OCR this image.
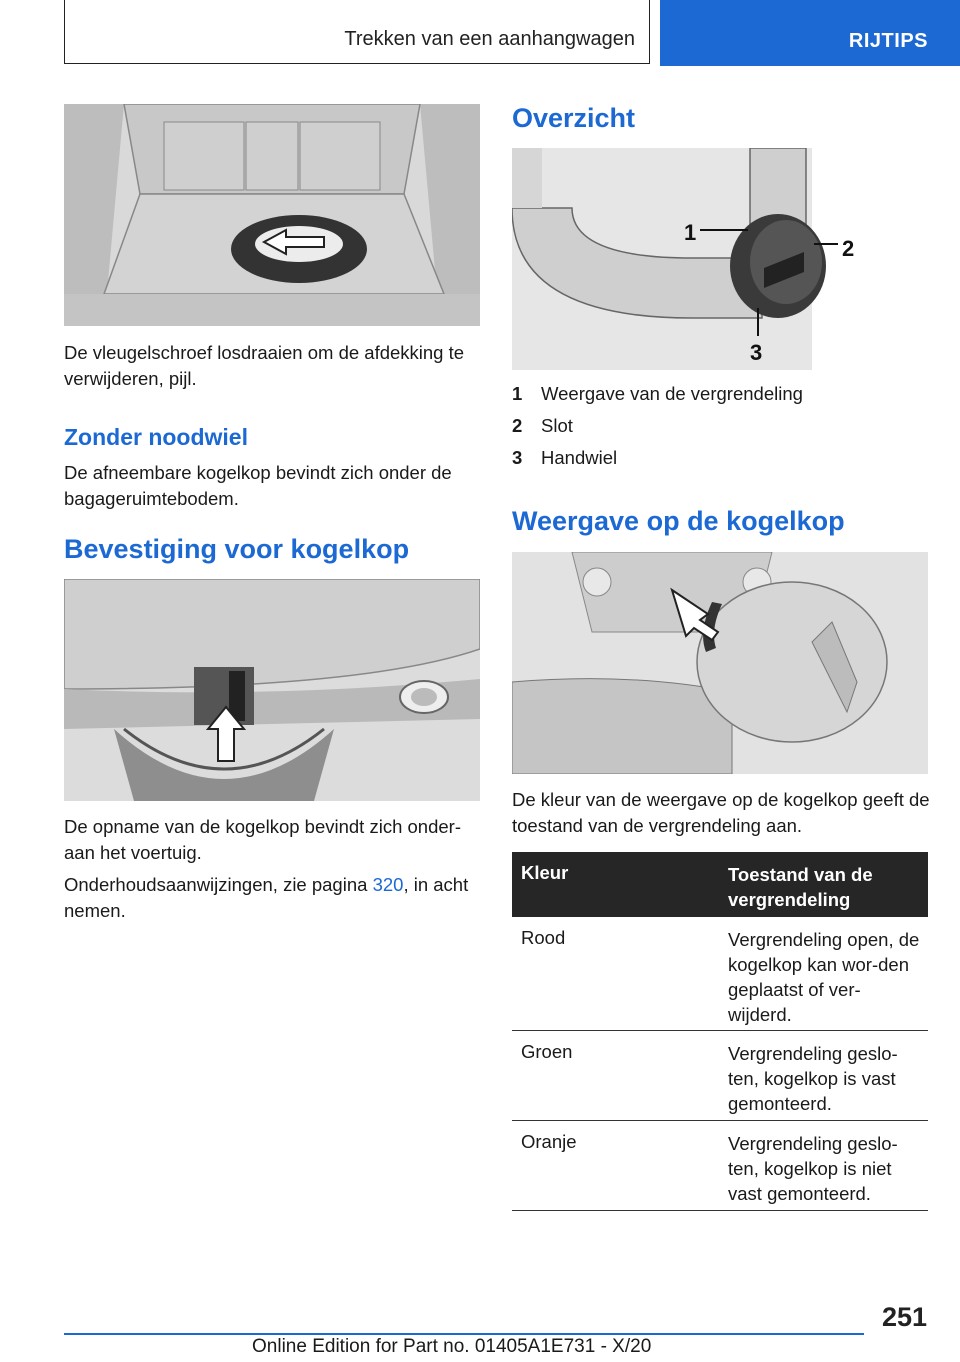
Trekken van een aanhangwagen	RIJTIPS
De vleugelschroef losdraaien om de afdekking te verwijderen, pijl.
Zonder noodwiel
De afneembare kogelkop bevindt zich onder de bagageruimtebodem.
Bevestiging voor kogelkop
De opname van de kogelkop bevindt zich onder-aan het voertuig.
Onderhoudsaanwijzingen, zie pagina 320, in acht nemen.
Overzicht
1
2
3
1 Weergave van de vergrendeling
2 Slot
3 Handwiel
Weergave op de kogelkop
De kleur van de weergave op de kogelkop geeft de toestand van de vergrendeling aan.
Kleur	Toestand van de vergrendeling
Rood	Vergrendeling open, de kogelkop kan wor-den geplaatst of ver-wijderd.
Groen	Vergrendeling geslo-ten, kogelkop is vast gemonteerd.
Oranje	Vergrendeling geslo-ten, kogelkop is niet vast gemonteerd.
251
Online Edition for Part no. 01405A1E731 - X/20
